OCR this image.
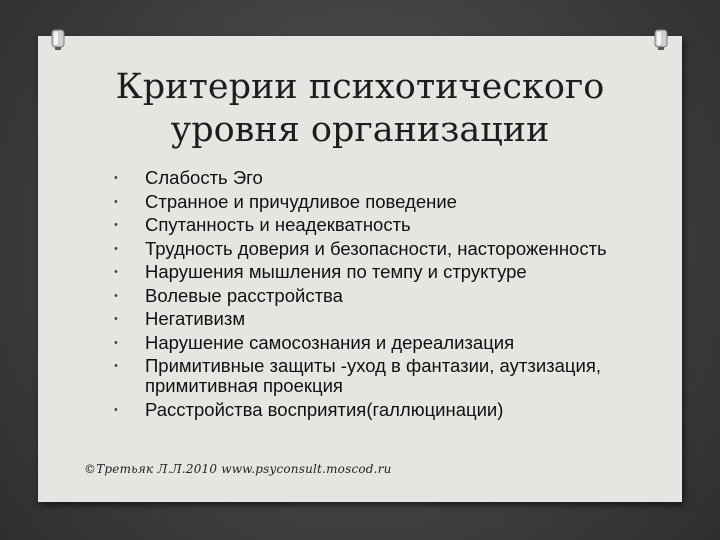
Критерии психотического
уровня организации
• Слабость Эго
• Странное и причудливое поведение
• Спутанность и неадекватность
• Трудность доверия и безопасности, настороженность
• Нарушения мышления по темпу и структуре
• Волевые расстройства
• Негативизм
• Нарушение самосознания и дереализация
• Примитивные защиты -уход в фантазии, аутзизация, примитивная проекция
• Расстройства восприятия(галлюцинации)
©Третьяк Л.Л.2010 www.psyconsult.moscod.ru
